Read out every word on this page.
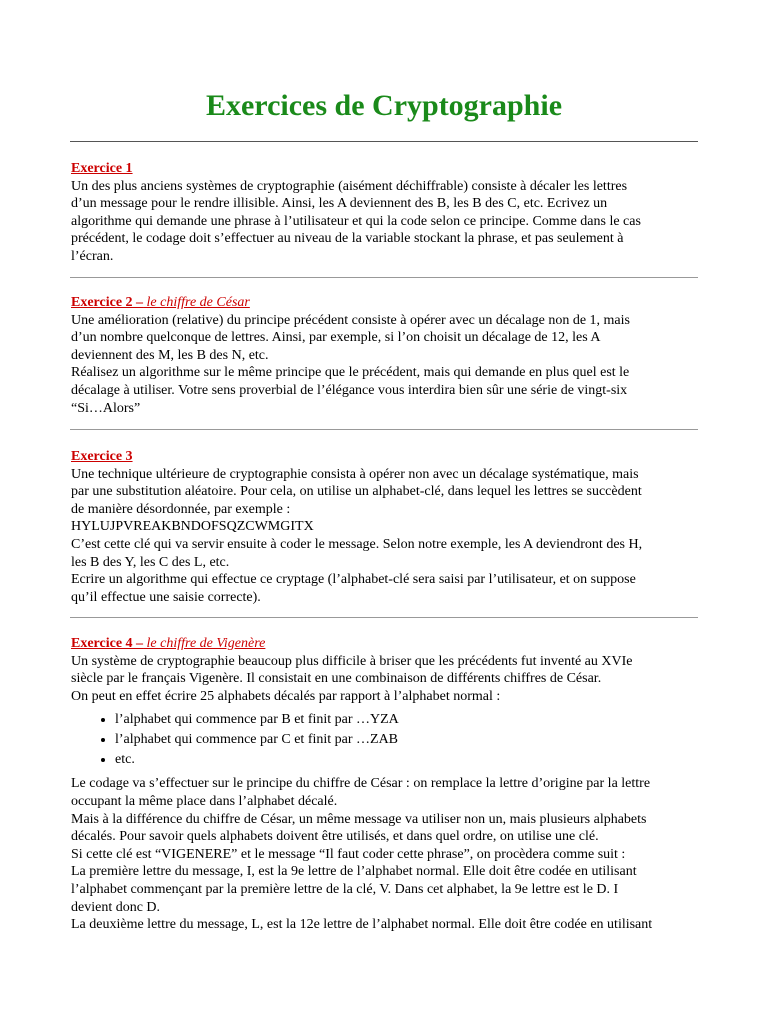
Exercices de Cryptographie

Exercice 1

Un des plus anciens systèmes de cryptographie (aisément déchiffrable) consiste à décaler les lettres
d’un message pour le rendre illisible. Ainsi, les A deviennent des B, les B des C, etc. Ecrivez un
algorithme qui demande une phrase à l’utilisateur et qui la code selon ce principe. Comme dans le cas
précédent, le codage doit s’effectuer au niveau de la variable stockant la phrase, et pas seulement à
l’écran.

Exercice 2 – le chiffre de César

Une amélioration (relative) du principe précédent consiste à opérer avec un décalage non de 1, mais
d’un nombre quelconque de lettres. Ainsi, par exemple, si l’on choisit un décalage de 12, les A
deviennent des M, les B des N, etc.
Réalisez un algorithme sur le même principe que le précédent, mais qui demande en plus quel est le
décalage à utiliser. Votre sens proverbial de l’élégance vous interdira bien sûr une série de vingt-six
“Si…Alors”

Exercice 3

Une technique ultérieure de cryptographie consista à opérer non avec un décalage systématique, mais
par une substitution aléatoire. Pour cela, on utilise un alphabet-clé, dans lequel les lettres se succèdent
de manière désordonnée, par exemple :
HYLUJPVREAKBNDOFSQZCWMGITX
C’est cette clé qui va servir ensuite à coder le message. Selon notre exemple, les A deviendront des H,
les B des Y, les C des L, etc.
Ecrire un algorithme qui effectue ce cryptage (l’alphabet-clé sera saisi par l’utilisateur, et on suppose
qu’il effectue une saisie correcte).

Exercice 4 – le chiffre de Vigenère

Un système de cryptographie beaucoup plus difficile à briser que les précédents fut inventé au XVIe
siècle par le français Vigenère. Il consistait en une combinaison de différents chiffres de César.
On peut en effet écrire 25 alphabets décalés par rapport à l’alphabet normal :

• l’alphabet qui commence par B et finit par …YZA
• l’alphabet qui commence par C et finit par …ZAB
• etc.

Le codage va s’effectuer sur le principe du chiffre de César : on remplace la lettre d’origine par la lettre
occupant la même place dans l’alphabet décalé.
Mais à la différence du chiffre de César, un même message va utiliser non un, mais plusieurs alphabets
décalés. Pour savoir quels alphabets doivent être utilisés, et dans quel ordre, on utilise une clé.
Si cette clé est “VIGENERE” et le message “Il faut coder cette phrase”, on procèdera comme suit :
La première lettre du message, I, est la 9e lettre de l’alphabet normal. Elle doit être codée en utilisant
l’alphabet commençant par la première lettre de la clé, V. Dans cet alphabet, la 9e lettre est le D. I
devient donc D.
La deuxième lettre du message, L, est la 12e lettre de l’alphabet normal. Elle doit être codée en utilisant
